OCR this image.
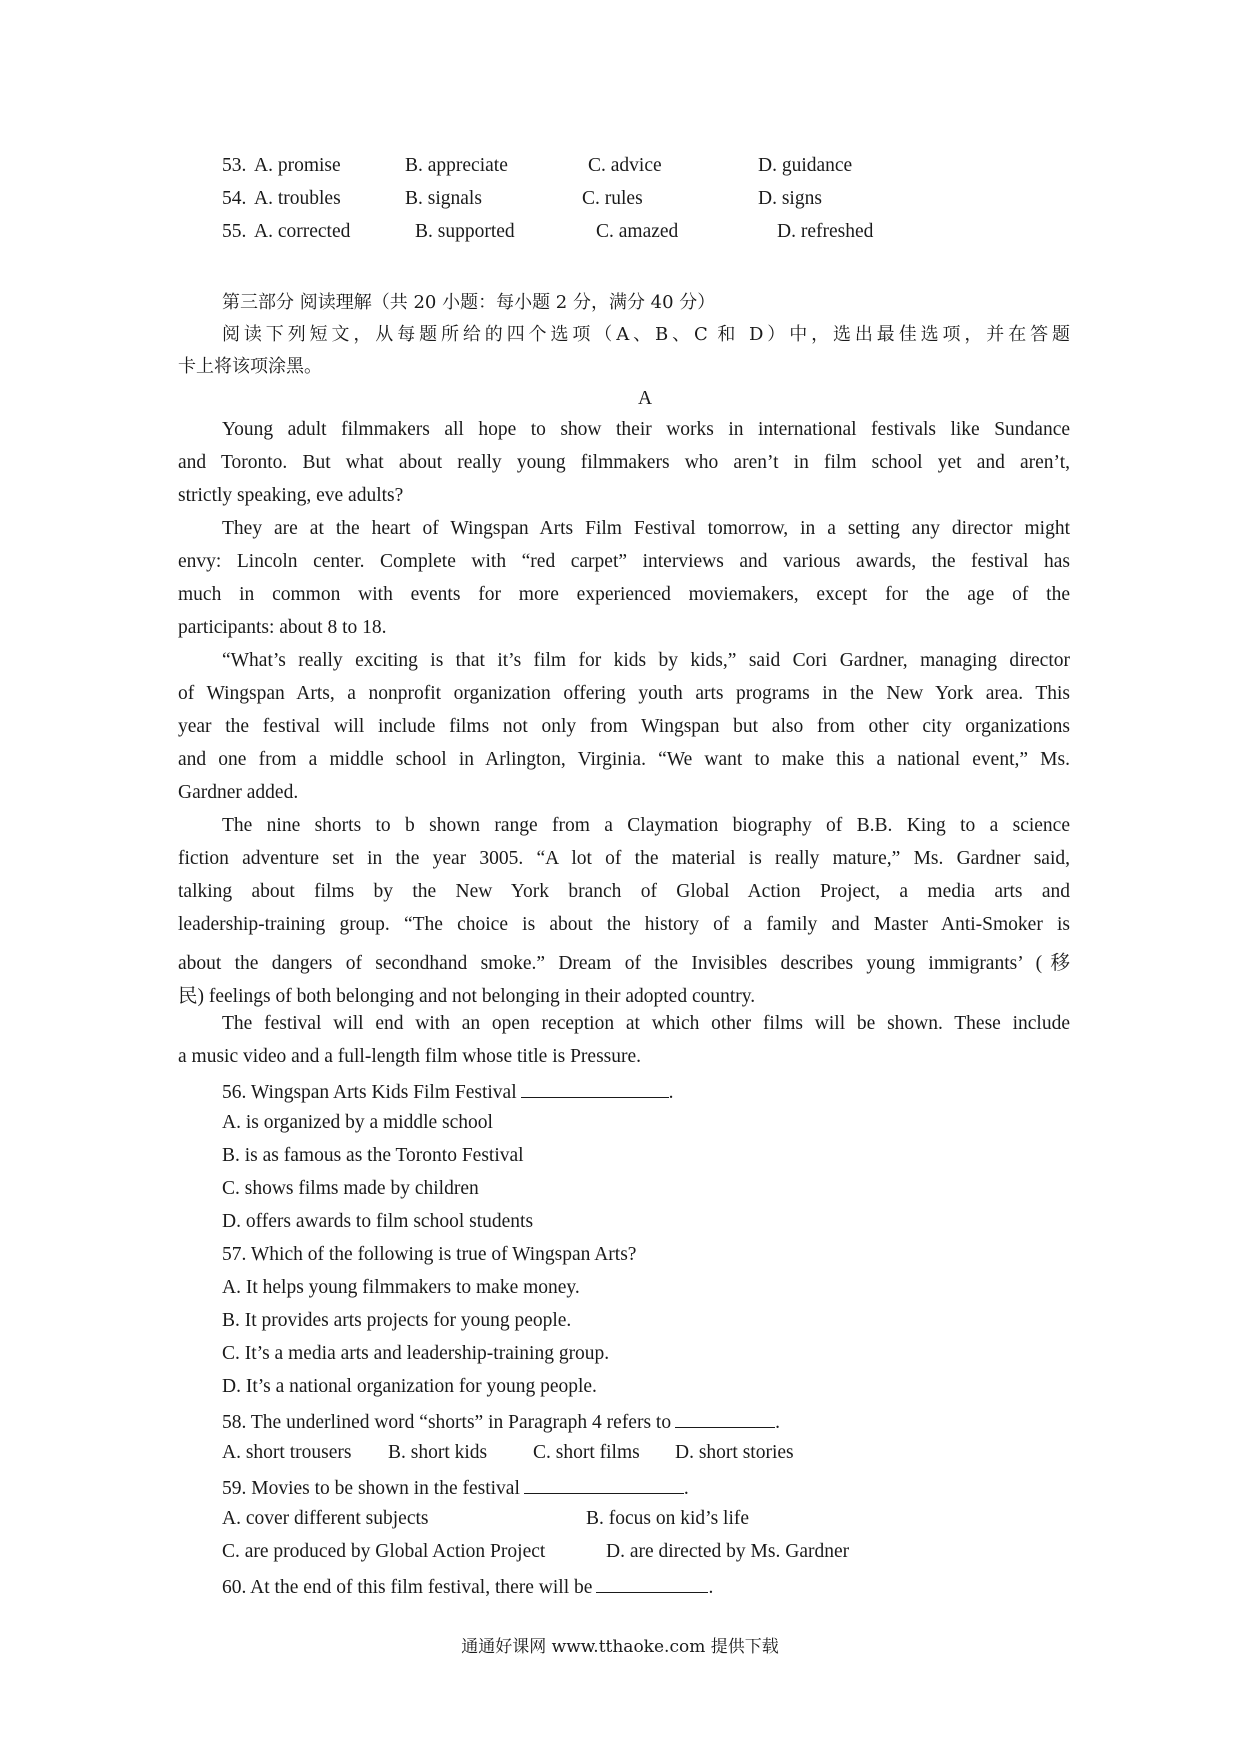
53. A. promise	B. appreciate	C. advice	D. guidance
54. A. troubles	B. signals	C. rules	D. signs
55. A. corrected	B. supported	C. amazed	D. refreshed
第三部分 阅读理解（共 20 小题：每小题 2 分，满分 40 分）
阅读下列短文，从每题所给的四个选项（A、B、C 和 D）中，选出最佳选项，并在答题
卡上将该项涂黑。
A
Young adult filmmakers all hope to show their works in international festivals like Sundance
and Toronto. But what about really young filmmakers who aren’t in film school yet and aren’t,
strictly speaking, eve adults?
They are at the heart of Wingspan Arts Film Festival tomorrow, in a setting any director might
envy: Lincoln center. Complete with “red carpet” interviews and various awards, the festival has
much in common with events for more experienced moviemakers, except for the age of the
participants: about 8 to 18.
“What’s really exciting is that it’s film for kids by kids,” said Cori Gardner, managing director
of Wingspan Arts, a nonprofit organization offering youth arts programs in the New York area. This
year the festival will include films not only from Wingspan but also from other city organizations
and one from a middle school in Arlington, Virginia. “We want to make this a national event,” Ms.
Gardner added.
The nine shorts to b shown range from a Claymation biography of B.B. King to a science
fiction adventure set in the year 3005. “A lot of the material is really mature,” Ms. Gardner said,
talking about films by the New York branch of Global Action Project, a media arts and
leadership-training group. “The choice is about the history of a family and Master Anti-Smoker is
about the dangers of secondhand smoke.” Dream of the Invisibles describes young immigrants’ (移
民) feelings of both belonging and not belonging in their adopted country.
The festival will end with an open reception at which other films will be shown. These include
a music video and a full-length film whose title is Pressure.
56. Wingspan Arts Kids Film Festival	.
A. is organized by a middle school
B. is as famous as the Toronto Festival
C. shows films made by children
D. offers awards to film school students
57. Which of the following is true of Wingspan Arts?
A. It helps young filmmakers to make money.
B. It provides arts projects for young people.
C. It’s a media arts and leadership-training group.
D. It’s a national organization for young people.
58. The underlined word “shorts” in Paragraph 4 refers to	.
A. short trousers B. short kids C. short films D. short stories
59. Movies to be shown in the festival	.
A. cover different subjects	B. focus on kid’s life
C. are produced by Global Action Project	D. are directed by Ms. Gardner
60. At the end of this film festival, there will be	.
通通好课网 www.tthaoke.com 提供下载
